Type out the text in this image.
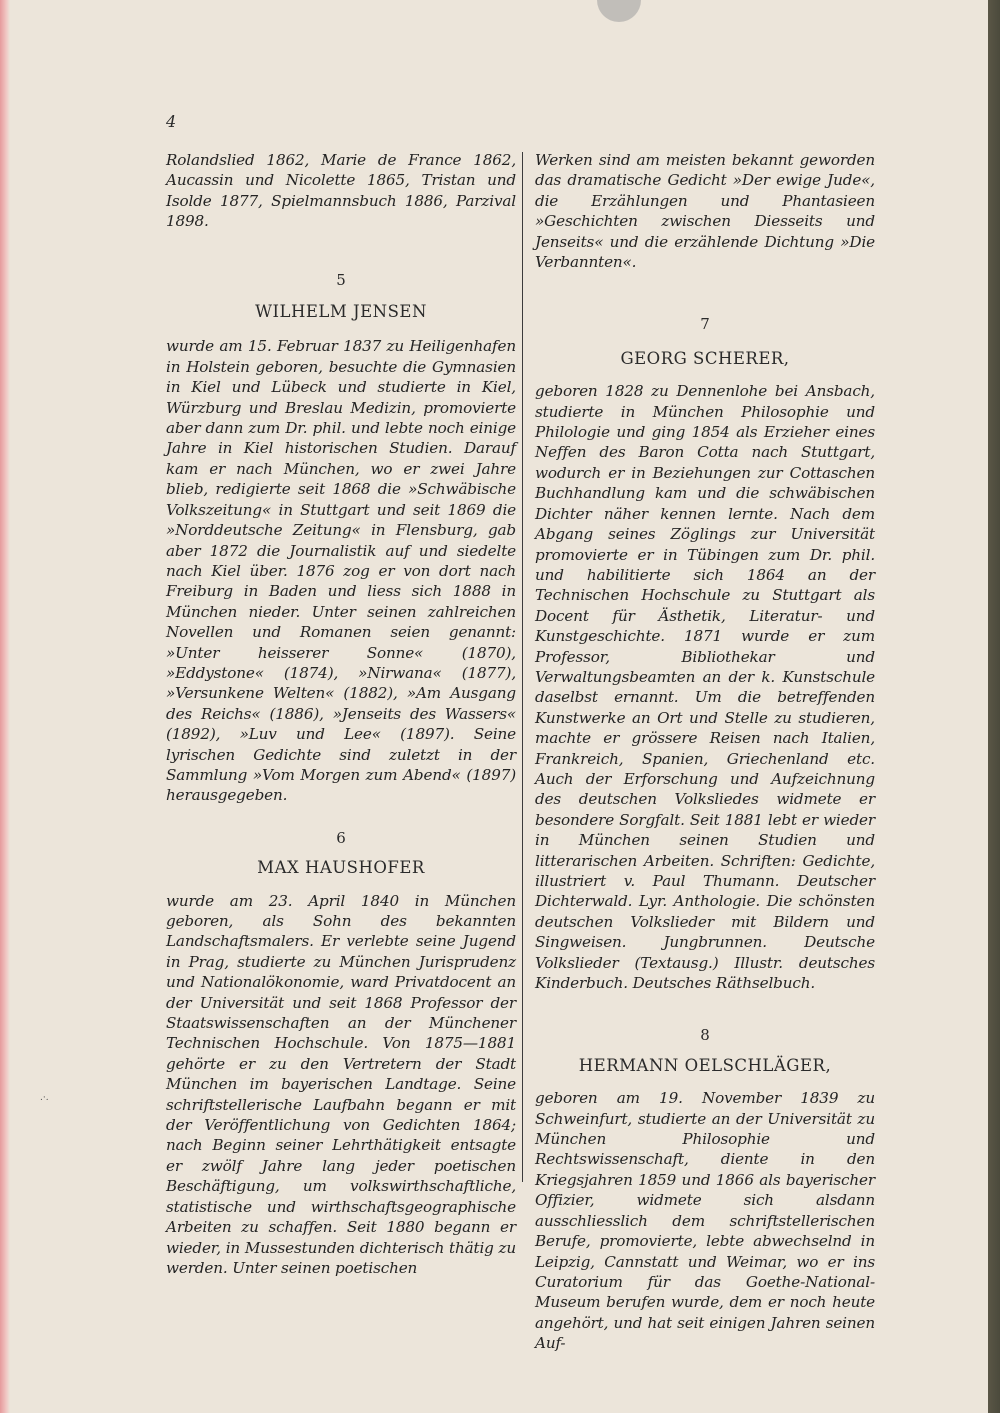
4

Rolandslied 1862, Marie de France 1862, Aucassin und Nicolette 1865, Tristan und Isolde 1877, Spielmannsbuch 1886, Parzival 1898.

5
WILHELM JENSEN

wurde am 15. Februar 1837 zu Heiligenhafen in Holstein geboren, besuchte die Gymnasien in Kiel und Lübeck und studierte in Kiel, Würzburg und Breslau Medizin, promovierte aber dann zum Dr. phil. und lebte noch einige Jahre in Kiel historischen Studien. Darauf kam er nach München, wo er zwei Jahre blieb, redigierte seit 1868 die »Schwäbische Volkszeitung« in Stuttgart und seit 1869 die »Norddeutsche Zeitung« in Flensburg, gab aber 1872 die Journalistik auf und siedelte nach Kiel über. 1876 zog er von dort nach Freiburg in Baden und liess sich 1888 in München nieder. Unter seinen zahlreichen Novellen und Romanen seien genannt: »Unter heisserer Sonne« (1870), »Eddystone« (1874), »Nirwana« (1877), »Versunkene Welten« (1882), »Am Ausgang des Reichs« (1886), »Jenseits des Wassers« (1892), »Luv und Lee« (1897). Seine lyrischen Gedichte sind zuletzt in der Sammlung »Vom Morgen zum Abend« (1897) herausgegeben.

6
MAX HAUSHOFER

wurde am 23. April 1840 in München geboren, als Sohn des bekannten Landschaftsmalers. Er verlebte seine Jugend in Prag, studierte zu München Jurisprudenz und Nationalökonomie, ward Privatdocent an der Universität und seit 1868 Professor der Staatswissenschaften an der Münchener Technischen Hochschule. Von 1875—1881 gehörte er zu den Vertretern der Stadt München im bayerischen Landtage. Seine schriftstellerische Laufbahn begann er mit der Veröffentlichung von Gedichten 1864; nach Beginn seiner Lehrthätigkeit entsagte er zwölf Jahre lang jeder poetischen Beschäftigung, um volkswirthschaftliche, statistische und wirthschaftsgeographische Arbeiten zu schaffen. Seit 1880 begann er wieder, in Mussestunden dichterisch thätig zu werden. Unter seinen poetischen

Werken sind am meisten bekannt geworden das dramatische Gedicht »Der ewige Jude«, die Erzählungen und Phantasieen »Geschichten zwischen Diesseits und Jenseits« und die erzählende Dichtung »Die Verbannten«.

7
GEORG SCHERER,

geboren 1828 zu Dennenlohe bei Ansbach, studierte in München Philosophie und Philologie und ging 1854 als Erzieher eines Neffen des Baron Cotta nach Stuttgart, wodurch er in Beziehungen zur Cottaschen Buchhandlung kam und die schwäbischen Dichter näher kennen lernte. Nach dem Abgang seines Zöglings zur Universität promovierte er in Tübingen zum Dr. phil. und habilitierte sich 1864 an der Technischen Hochschule zu Stuttgart als Docent für Ästhetik, Literatur- und Kunstgeschichte. 1871 wurde er zum Professor, Bibliothekar und Verwaltungsbeamten an der k. Kunstschule daselbst ernannt. Um die betreffenden Kunstwerke an Ort und Stelle zu studieren, machte er grössere Reisen nach Italien, Frankreich, Spanien, Griechenland etc. Auch der Erforschung und Aufzeichnung des deutschen Volksliedes widmete er besondere Sorgfalt. Seit 1881 lebt er wieder in München seinen Studien und litterarischen Arbeiten. Schriften: Gedichte, illustriert v. Paul Thumann. Deutscher Dichterwald. Lyr. Anthologie. Die schönsten deutschen Volkslieder mit Bildern und Singweisen. Jungbrunnen. Deutsche Volkslieder (Textausg.) Illustr. deutsches Kinderbuch. Deutsches Räthselbuch.

8
HERMANN OELSCHLÄGER,

geboren am 19. November 1839 zu Schweinfurt, studierte an der Universität zu München Philosophie und Rechtswissenschaft, diente in den Kriegsjahren 1859 und 1866 als bayerischer Offizier, widmete sich alsdann ausschliesslich dem schriftstellerischen Berufe, promovierte, lebte abwechselnd in Leipzig, Cannstatt und Weimar, wo er ins Curatorium für das Goethe-National-Museum berufen wurde, dem er noch heute angehört, und hat seit einigen Jahren seinen Auf-

.·.
